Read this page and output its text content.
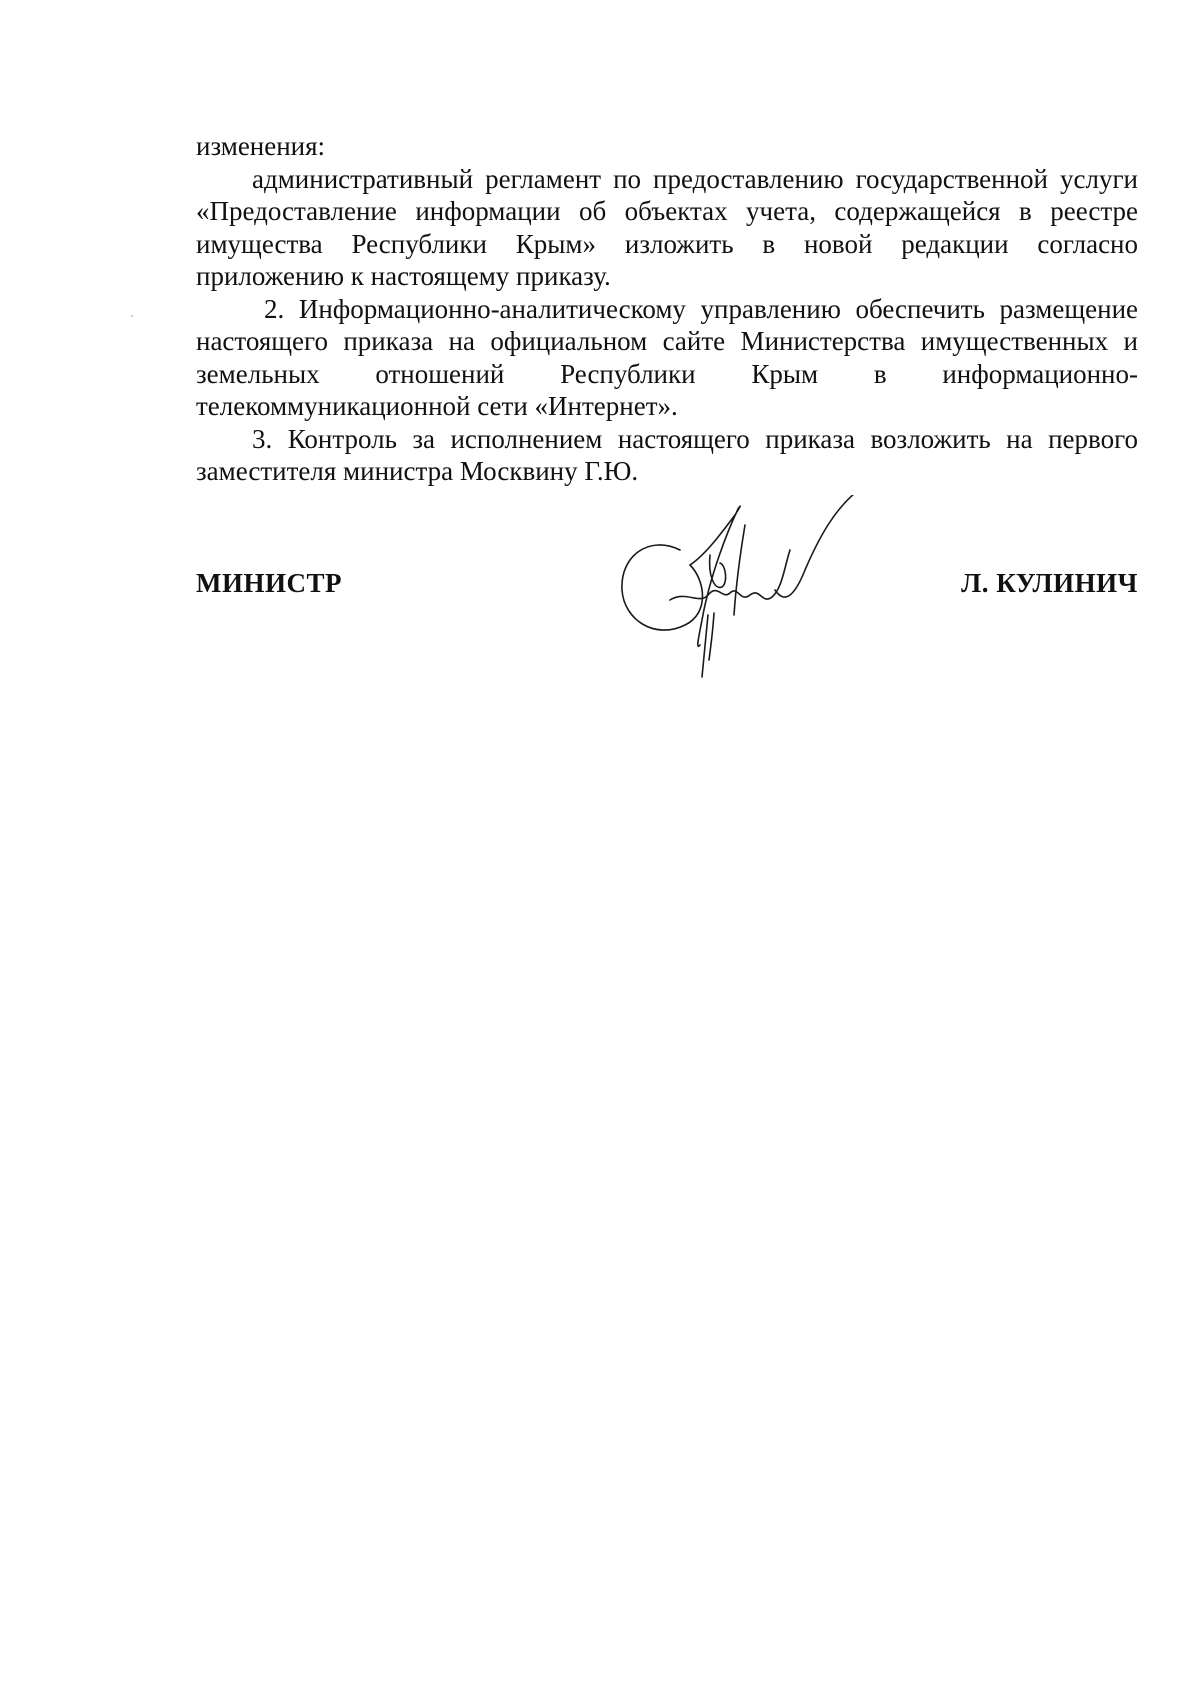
изменения:

административный регламент по предоставлению государственной услуги «Предоставление информации об объектах учета, содержащейся в реестре имущества Республики Крым» изложить в новой редакции согласно приложению к настоящему приказу.

2. Информационно-аналитическому управлению обеспечить размещение настоящего приказа на официальном сайте Министерства имущественных и земельных отношений Республики Крым в информационно-телекоммуникационной сети «Интернет».

3. Контроль за исполнением настоящего приказа возложить на первого заместителя министра Москвину Г.Ю.

МИНИСТР	Л. КУЛИНИЧ
